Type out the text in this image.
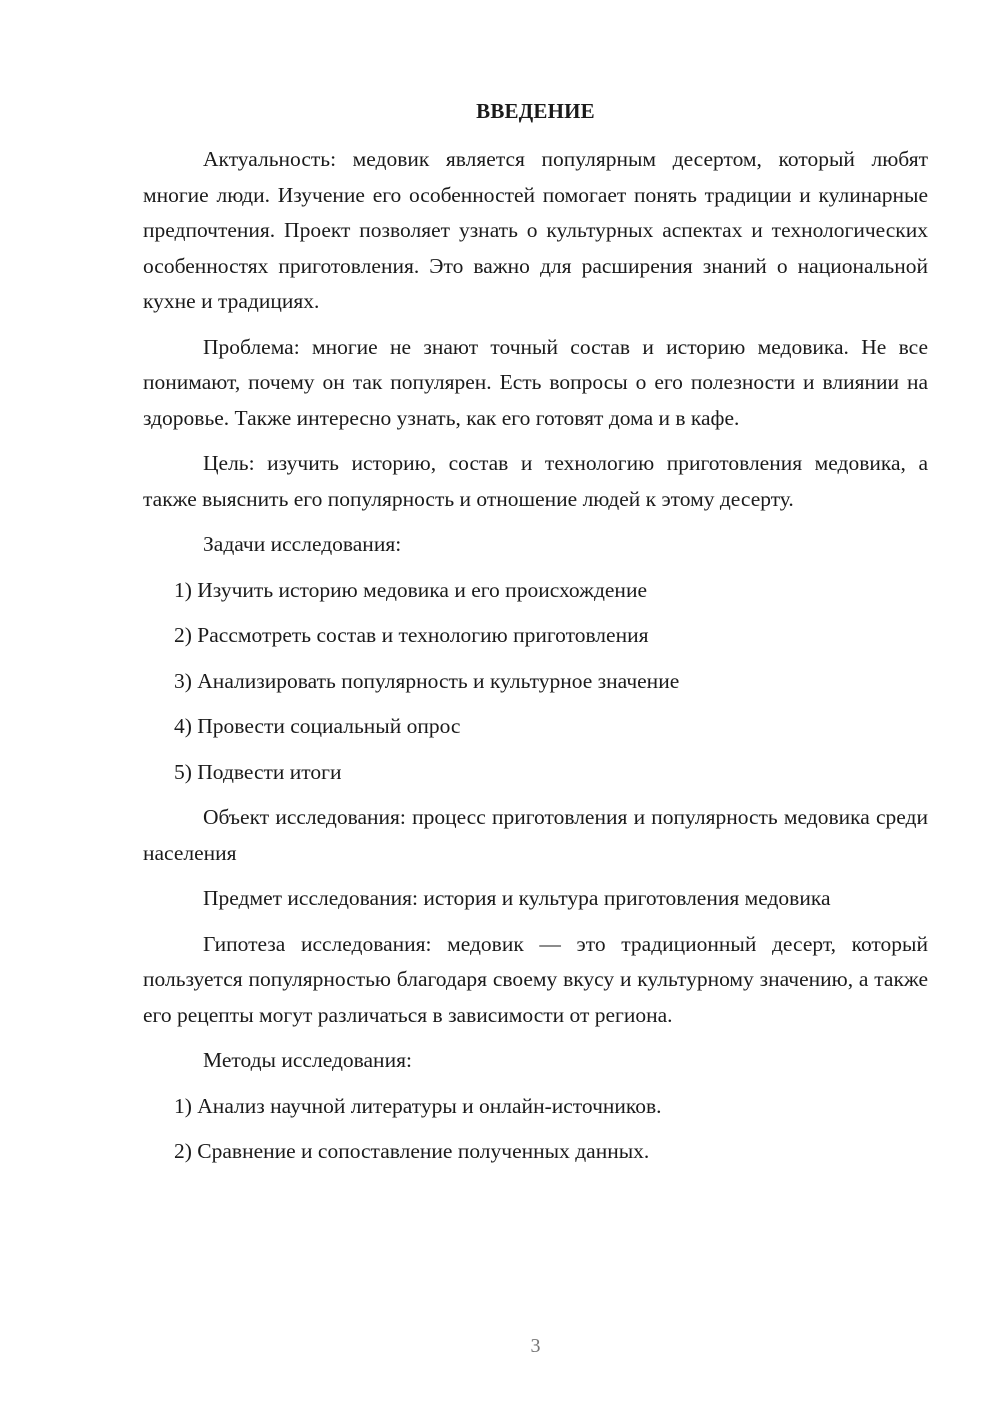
ВВЕДЕНИЕ

Актуальность: медовик является популярным десертом, который любят многие люди. Изучение его особенностей помогает понять традиции и кулинарные предпочтения. Проект позволяет узнать о культурных аспектах и технологических особенностях приготовления. Это важно для расширения знаний о национальной кухне и традициях.

Проблема: многие не знают точный состав и историю медовика. Не все понимают, почему он так популярен. Есть вопросы о его полезности и влиянии на здоровье. Также интересно узнать, как его готовят дома и в кафе.

Цель: изучить историю, состав и технологию приготовления медовика, а также выяснить его популярность и отношение людей к этому десерту.

Задачи исследования:

1) Изучить историю медовика и его происхождение

2) Рассмотреть состав и технологию приготовления

3) Анализировать популярность и культурное значение

4) Провести социальный опрос

5) Подвести итоги

Объект исследования: процесс приготовления и популярность медовика среди населения

Предмет исследования: история и культура приготовления медовика

Гипотеза исследования: медовик — это традиционный десерт, который пользуется популярностью благодаря своему вкусу и культурному значению, а также его рецепты могут различаться в зависимости от региона.

Методы исследования:

1) Анализ научной литературы и онлайн-источников.

2) Сравнение и сопоставление полученных данных.

3
